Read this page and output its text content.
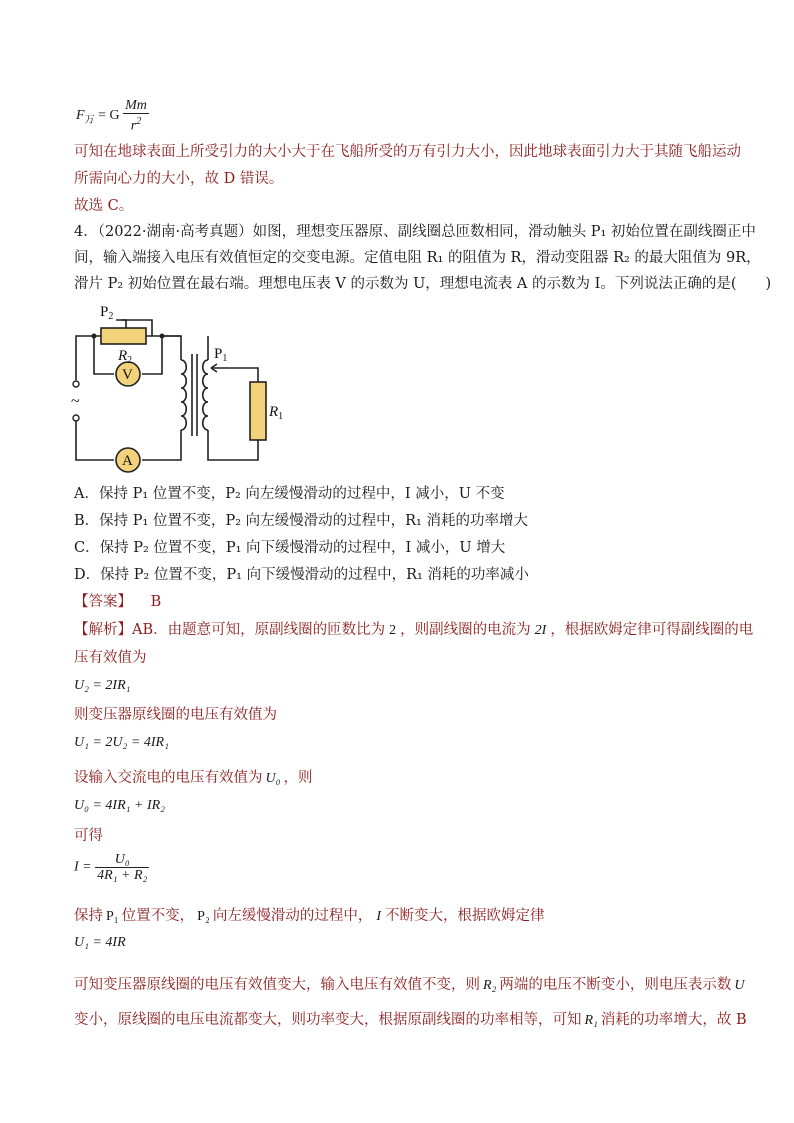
$F_万 = G \frac{Mm}{r^2}$
可知在地球表面上所受引力的大小大于在飞船所受的万有引力大小，因此地球表面引力大于其随飞船运动
所需向心力的大小，故 D 错误。
故选 C。
4．（2022·湖南·高考真题）如图，理想变压器原、副线圈总匝数相同，滑动触头 P₁ 初始位置在副线圈正中
间，输入端接入电压有效值恒定的交变电源。定值电阻 R₁ 的阻值为 R，滑动变阻器 R₂ 的最大阻值为 9R，
滑片 P₂ 初始位置在最右端。理想电压表 V 的示数为 U，理想电流表 A 的示数为 I。下列说法正确的是(　　)
V
A
$P_2$
$R_2$	$P_1$
$R_1$
~
A．保持 P₁ 位置不变，P₂ 向左缓慢滑动的过程中，I 减小，U 不变
B．保持 P₁ 位置不变，P₂ 向左缓慢滑动的过程中，R₁ 消耗的功率增大
C．保持 P₂ 位置不变，P₁ 向下缓慢滑动的过程中，I 减小，U 增大
D．保持 P₂ 位置不变，P₁ 向下缓慢滑动的过程中，R₁ 消耗的功率减小
【答案】 B
【解析】AB．由题意可知，原副线圈的匝数比为 2 ，则副线圈的电流为 2I ，根据欧姆定律可得副线圈的电
压有效值为
U₂ = 2IR₁
则变压器原线圈的电压有效值为
U₁ = 2U₂ = 4IR₁
设输入交流电的电压有效值为 U₀ ，则
U₀ = 4IR₁ + IR₂
可得
$I = \frac{\text{U₀}}{\text{4R₁ + R₂}}$
保持 P₁ 位置不变， P₂ 向左缓慢滑动的过程中， I 不断变大，根据欧姆定律
U₁ = 4IR
可知变压器原线圈的电压有效值变大，输入电压有效值不变，则 R₂ 两端的电压不断变小，则电压表示数 U
变小，原线圈的电压电流都变大，则功率变大，根据原副线圈的功率相等，可知 R₁ 消耗的功率增大，故 B
